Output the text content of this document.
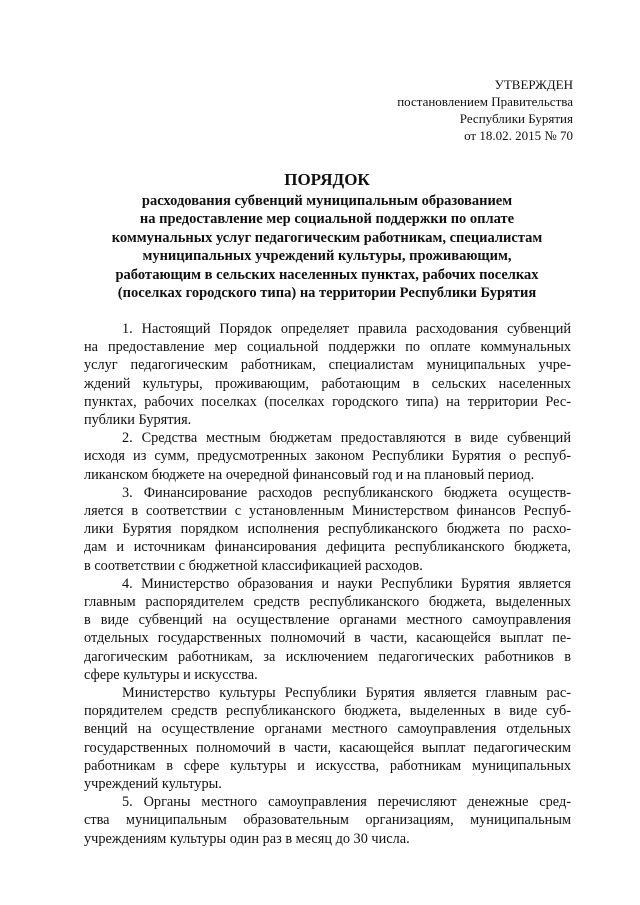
УТВЕРЖДЕН
постановлением Правительства
Республики Бурятия
от 18.02. 2015 № 70
ПОРЯДОК
расходования субвенций муниципальным образованием
на предоставление мер социальной поддержки по оплате
коммунальных услуг педагогическим работникам, специалистам
муниципальных учреждений культуры, проживающим,
работающим в сельских населенных пунктах, рабочих поселках
(поселках городского типа) на территории Республики Бурятия

1. Настоящий Порядок определяет правила расходования субвенций
на предоставление мер социальной поддержки по оплате коммунальных
услуг педагогическим работникам, специалистам муниципальных учре-
ждений культуры, проживающим, работающим в сельских населенных
пунктах, рабочих поселках (поселках городского типа) на территории Рес-
публики Бурятия.

2. Средства местным бюджетам предоставляются в виде субвенций
исходя из сумм, предусмотренных законом Республики Бурятия о респуб-
ликанском бюджете на очередной финансовый год и на плановый период.

3. Финансирование расходов республиканского бюджета осуществ-
ляется в соответствии с установленным Министерством финансов Респуб-
лики Бурятия порядком исполнения республиканского бюджета по расхо-
дам и источникам финансирования дефицита республиканского бюджета,
в соответствии с бюджетной классификацией расходов.

4. Министерство образования и науки Республики Бурятия является
главным распорядителем средств республиканского бюджета, выделенных
в виде субвенций на осуществление органами местного самоуправления
отдельных государственных полномочий в части, касающейся выплат пе-
дагогическим работникам, за исключением педагогических работников в
сфере культуры и искусства.

Министерство культуры Республики Бурятия является главным рас-
порядителем средств республиканского бюджета, выделенных в виде суб-
венций на осуществление органами местного самоуправления отдельных
государственных полномочий в части, касающейся выплат педагогическим
работникам в сфере культуры и искусства, работникам муниципальных
учреждений культуры.

5. Органы местного самоуправления перечисляют денежные сред-
ства муниципальным образовательным организациям, муниципальным
учреждениям культуры один раз в месяц до 30 числа.
